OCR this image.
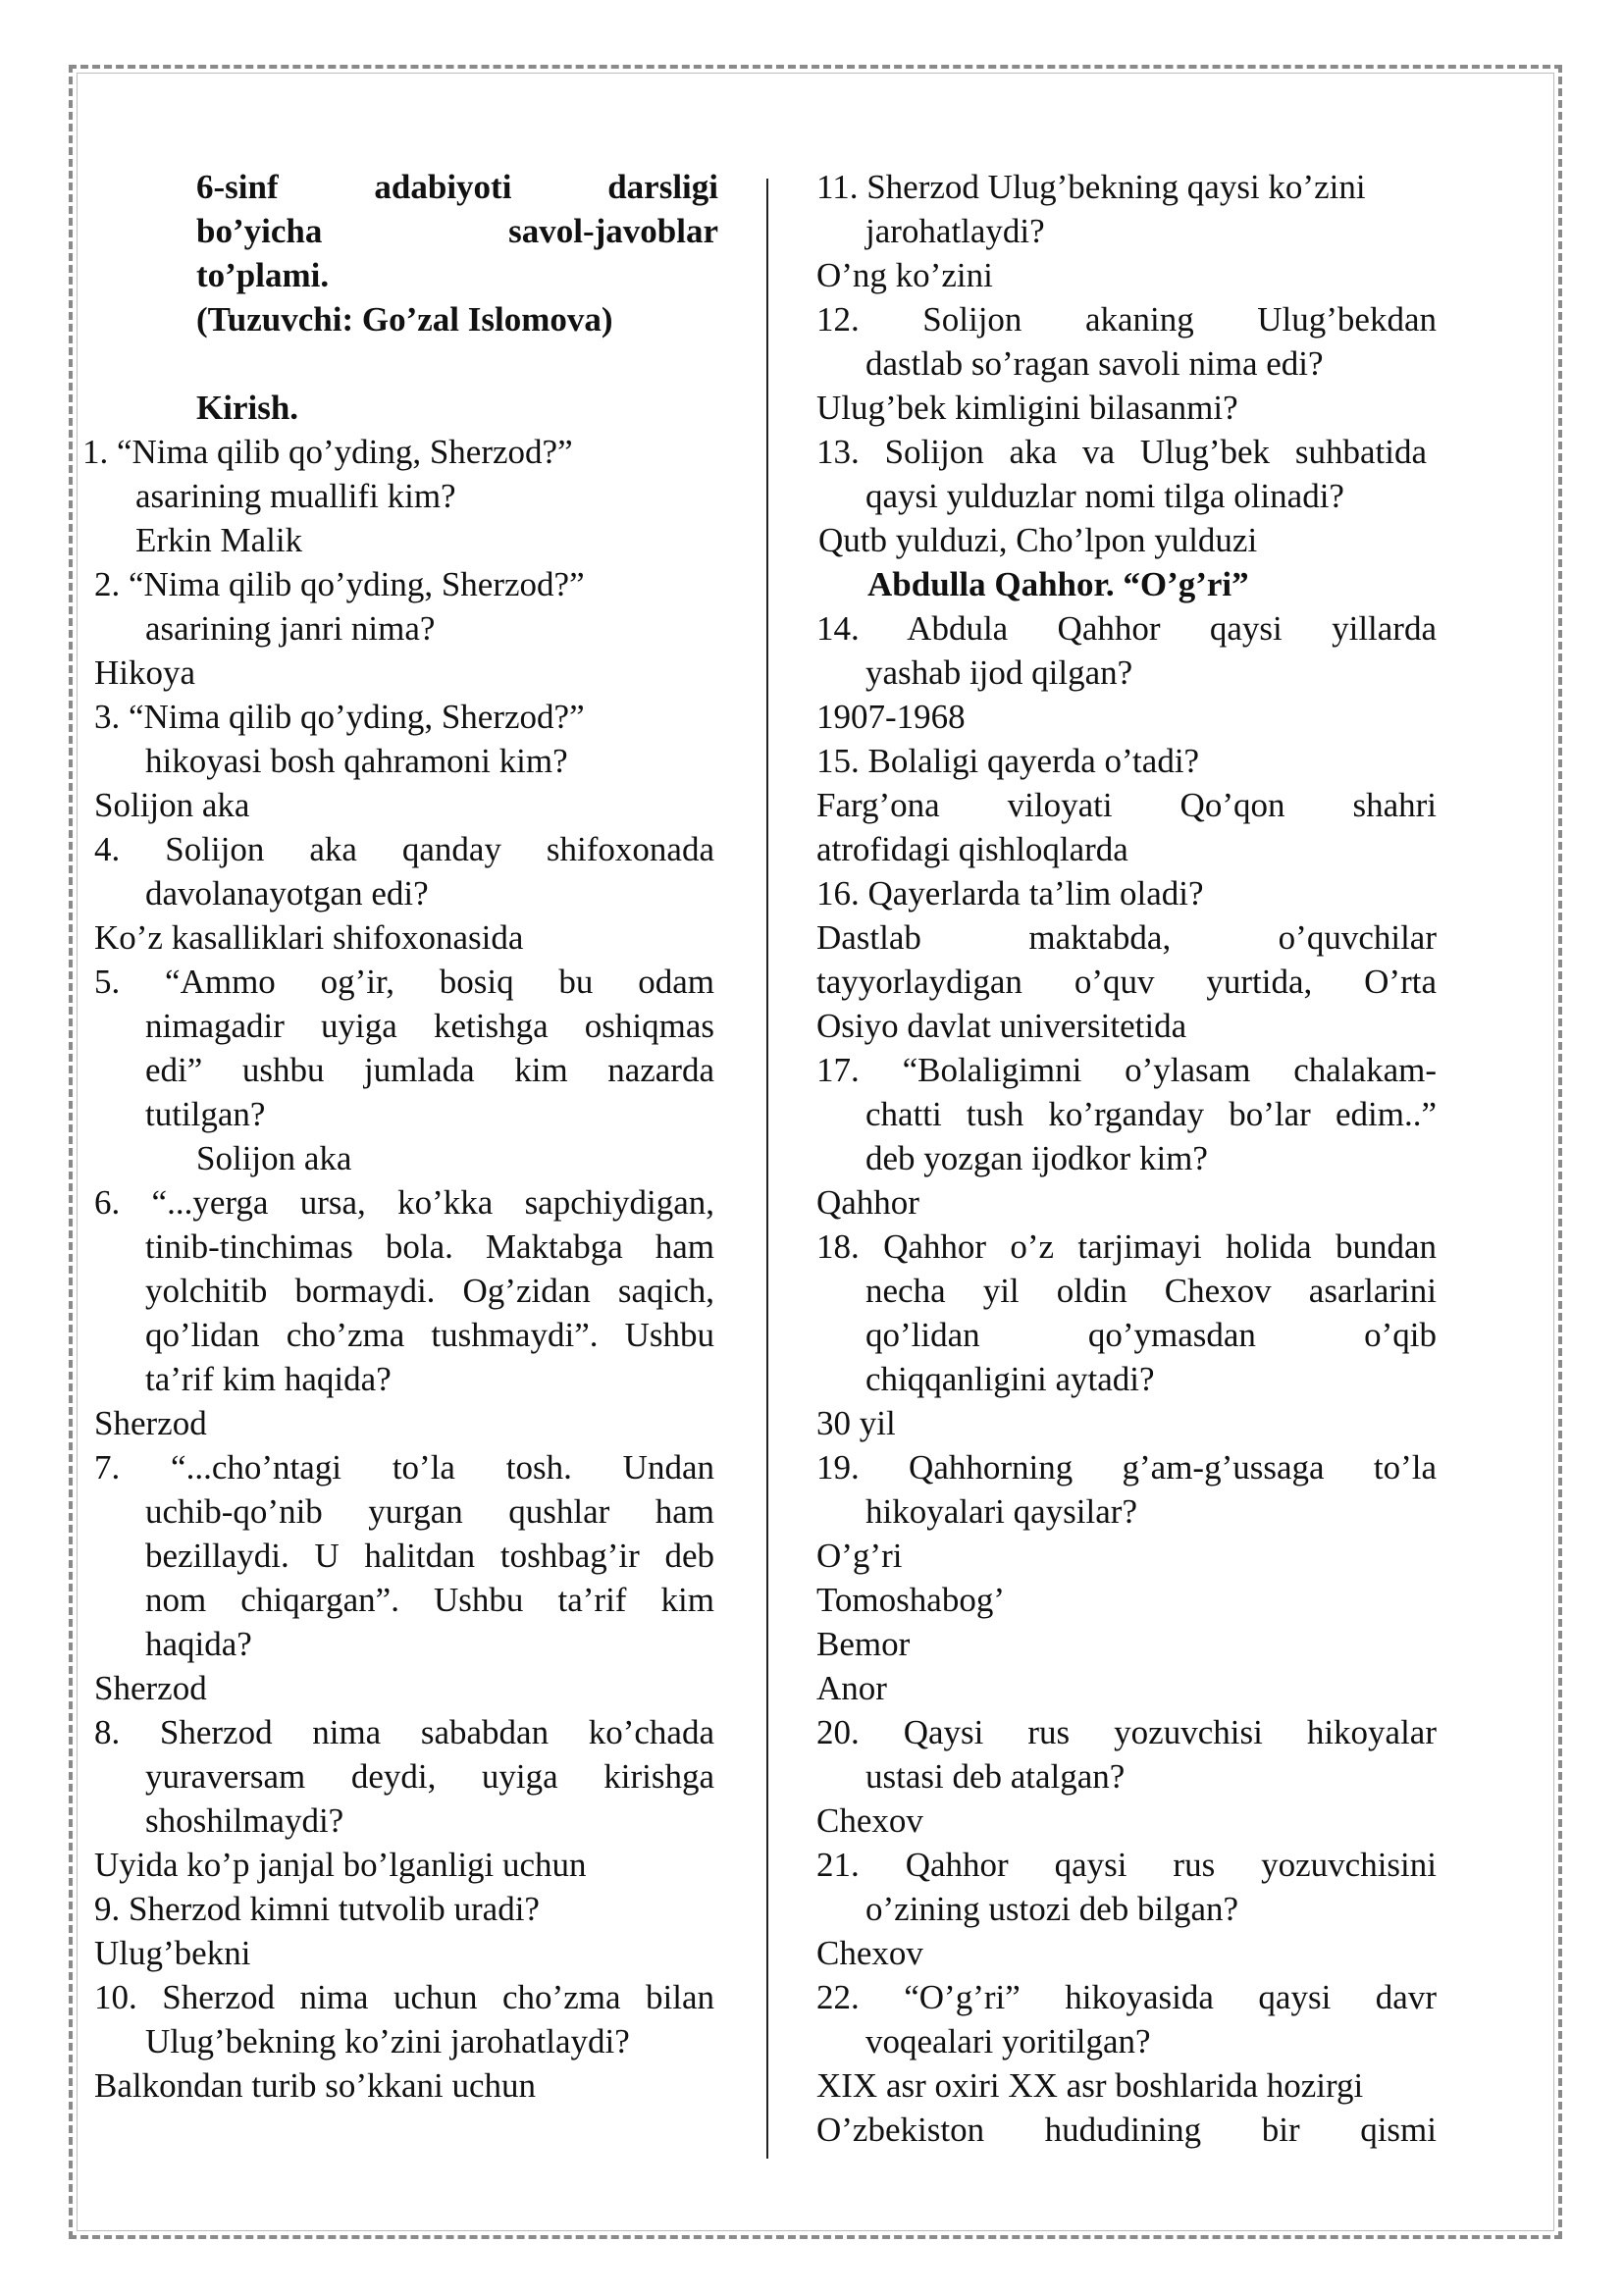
6-sinf adabiyoti darsligi
bo’yicha savol-javoblar
to’plami.
(Tuzuvchi: Go’zal Islomova)
Kirish.
1. “Nima qilib qo’yding, Sherzod?”
asarining muallifi kim?
Erkin Malik
2. “Nima qilib qo’yding, Sherzod?”
asarining janri nima?
Hikoya
3. “Nima qilib qo’yding, Sherzod?”
hikoyasi bosh qahramoni kim?
Solijon aka
4. Solijon aka qanday shifoxonada
davolanayotgan edi?
Ko’z kasalliklari shifoxonasida
5. “Ammo og’ir, bosiq bu odam
nimagadir uyiga ketishga oshiqmas
edi” ushbu jumlada kim nazarda
tutilgan?
Solijon aka
6. “...yerga ursa, ko’kka sapchiydigan,
tinib-tinchimas bola. Maktabga ham
yolchitib bormaydi. Og’zidan saqich,
qo’lidan cho’zma tushmaydi”. Ushbu
ta’rif kim haqida?
Sherzod
7. “...cho’ntagi to’la tosh. Undan
uchib-qo’nib yurgan qushlar ham
bezillaydi. U halitdan toshbag’ir deb
nom chiqargan”. Ushbu ta’rif kim
haqida?
Sherzod
8. Sherzod nima sababdan ko’chada
yuraversam deydi, uyiga kirishga
shoshilmaydi?
Uyida ko’p janjal bo’lganligi uchun
9. Sherzod kimni tutvolib uradi?
Ulug’bekni
10. Sherzod nima uchun cho’zma bilan
Ulug’bekning ko’zini jarohatlaydi?
Balkondan turib so’kkani uchun
11. Sherzod Ulug’bekning qaysi ko’zini
jarohatlaydi?
O’ng ko’zini
12. Solijon akaning Ulug’bekdan
dastlab so’ragan savoli nima edi?
Ulug’bek kimligini bilasanmi?
13. Solijon aka va Ulug’bek suhbatida
qaysi yulduzlar nomi tilga olinadi?
Qutb yulduzi, Cho’lpon yulduzi
Abdulla Qahhor. “O’g’ri”
14. Abdula Qahhor qaysi yillarda
yashab ijod qilgan?
1907-1968
15. Bolaligi qayerda o’tadi?
Farg’ona viloyati Qo’qon shahri
atrofidagi qishloqlarda
16. Qayerlarda ta’lim oladi?
Dastlab maktabda, o’quvchilar
tayyorlaydigan o’quv yurtida, O’rta
Osiyo davlat universitetida
17. “Bolaligimni o’ylasam chalakam-
chatti tush ko’rganday bo’lar edim..”
deb yozgan ijodkor kim?
Qahhor
18. Qahhor o’z tarjimayi holida bundan
necha yil oldin Chexov asarlarini
qo’lidan qo’ymasdan o’qib
chiqqanligini aytadi?
30 yil
19. Qahhorning g’am-g’ussaga to’la
hikoyalari qaysilar?
O’g’ri
Tomoshabog’
Bemor
Anor
20. Qaysi rus yozuvchisi hikoyalar
ustasi deb atalgan?
Chexov
21. Qahhor qaysi rus yozuvchisini
o’zining ustozi deb bilgan?
Chexov
22. “O’g’ri” hikoyasida qaysi davr
voqealari yoritilgan?
XIX asr oxiri XX asr boshlarida hozirgi
O’zbekiston hududining bir qismi
